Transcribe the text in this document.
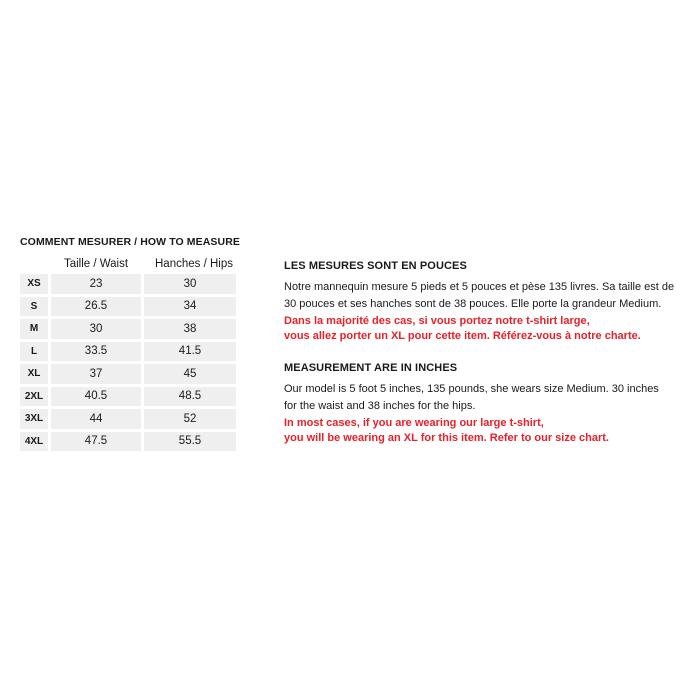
COMMENT MESURER / HOW TO MEASURE
Taille / Waist	Hanches / Hips
XS	23	30
S	26.5	34
M	30	38
L	33.5	41.5
XL	37	45
2XL	40.5	48.5
3XL	44	52
4XL	47.5	55.5
LES MESURES SONT EN POUCES
Notre mannequin mesure 5 pieds et 5 pouces et pèse 135 livres. Sa taille est de
30 pouces et ses hanches sont de 38 pouces. Elle porte la grandeur Medium.
Dans la majorité des cas, si vous portez notre t-shirt large,
vous allez porter un XL pour cette item. Référez-vous à notre charte.
MEASUREMENT ARE IN INCHES
Our model is 5 foot 5 inches, 135 pounds, she wears size Medium. 30 inches
for the waist and 38 inches for the hips.
In most cases, if you are wearing our large t-shirt,
you will be wearing an XL for this item. Refer to our size chart.
